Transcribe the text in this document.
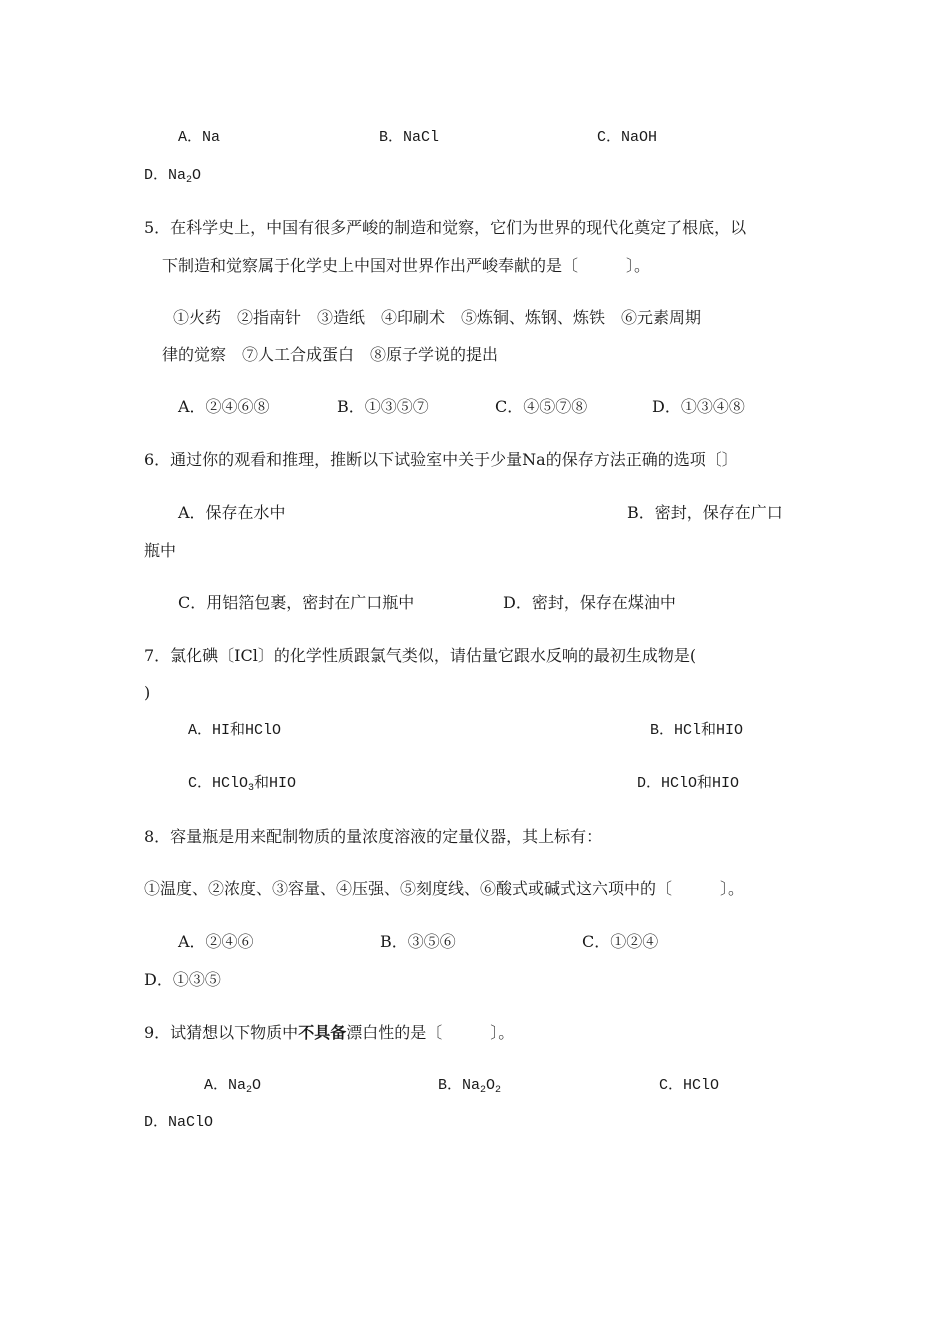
A．Na	B．NaCl	C．NaOH
D．$Na_2O$
5．在科学史上，中国有很多严峻的制造和觉察，它们为世界的现代化奠定了根底，以
下制造和觉察属于化学史上中国对世界作出严峻奉献的是〔　　　〕。
①火药　②指南针　③造纸　④印刷术　⑤炼铜、炼钢、炼铁　⑥元素周期
律的觉察　⑦人工合成蛋白　⑧原子学说的提出
A．②④⑥⑧	B．①③⑤⑦	C．④⑤⑦⑧	D．①③④⑧
6．通过你的观看和推理，推断以下试验室中关于少量Na的保存方法正确的选项〔〕
A．保存在水中	B．密封，保存在广口
瓶中
C．用铝箔包裹，密封在广口瓶中	D．密封，保存在煤油中
7．氯化碘〔ICl〕的化学性质跟氯气类似，请估量它跟水反响的最初生成物是(
)
A．HI和HClO	B．HCl和HIO
C．HClO$_3$和HIO	D．HClO和HIO
8．容量瓶是用来配制物质的量浓度溶液的定量仪器，其上标有：
①温度、②浓度、③容量、④压强、⑤刻度线、⑥酸式或碱式这六项中的〔　　　〕。
A．②④⑥	B．③⑤⑥	C．①②④
D．①③⑤
9．试猜想以下物质中不具备漂白性的是〔　　　〕。
A．$Na_2O$	B．$Na_2O_2$	C．HClO
D．NaClO
